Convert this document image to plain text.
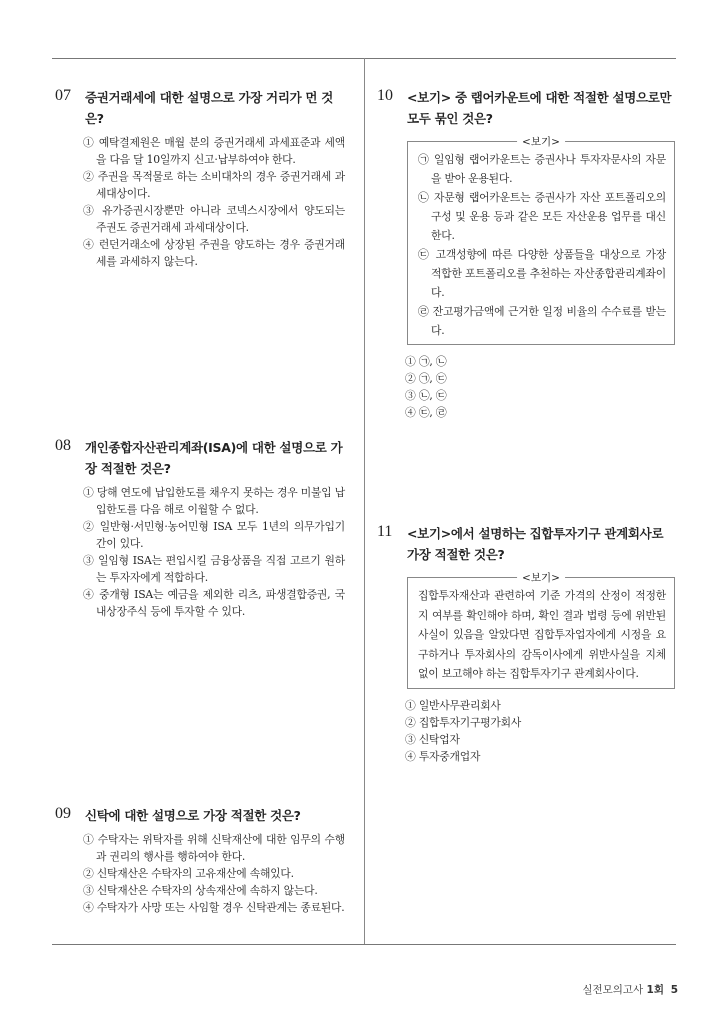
07 증권거래세에 대한 설명으로 가장 거리가 먼 것은?
① 예탁결제원은 매월 분의 증권거래세 과세표준과 세액을 다음 달 10일까지 신고·납부하여야 한다.
② 주권을 목적물로 하는 소비대차의 경우 증권거래세 과세대상이다.
③ 유가증권시장뿐만 아니라 코넥스시장에서 양도되는 주권도 증권거래세 과세대상이다.
④ 런던거래소에 상장된 주권을 양도하는 경우 증권거래세를 과세하지 않는다.
08 개인종합자산관리계좌(ISA)에 대한 설명으로 가장 적절한 것은?
① 당해 연도에 납입한도를 채우지 못하는 경우 미불입 납입한도를 다음 해로 이월할 수 없다.
② 일반형·서민형·농어민형 ISA 모두 1년의 의무가입기간이 있다.
③ 일임형 ISA는 편입시킬 금융상품을 직접 고르기 원하는 투자자에게 적합하다.
④ 중개형 ISA는 예금을 제외한 리츠, 파생결합증권, 국내상장주식 등에 투자할 수 있다.
09 신탁에 대한 설명으로 가장 적절한 것은?
① 수탁자는 위탁자를 위해 신탁재산에 대한 임무의 수행과 권리의 행사를 행하여야 한다.
② 신탁재산은 수탁자의 고유재산에 속해있다.
③ 신탁재산은 수탁자의 상속재산에 속하지 않는다.
④ 수탁자가 사망 또는 사임할 경우 신탁관계는 종료된다.
10 <보기> 중 랩어카운트에 대한 적절한 설명으로만 모두 묶인 것은?
<보기>
㉠ 일임형 랩어카운트는 증권사나 투자자문사의 자문을 받아 운용된다.
㉡ 자문형 랩어카운트는 증권사가 자산 포트폴리오의 구성 및 운용 등과 같은 모든 자산운용 업무를 대신한다.
㉢ 고객성향에 따른 다양한 상품들을 대상으로 가장 적합한 포트폴리오를 추천하는 자산종합관리계좌이다.
㉣ 잔고평가금액에 근거한 일정 비율의 수수료를 받는다.
① ㉠, ㉡
② ㉠, ㉢
③ ㉡, ㉢
④ ㉢, ㉣
11 <보기>에서 설명하는 집합투자기구 관계회사로 가장 적절한 것은?
<보기>
집합투자재산과 관련하여 기준 가격의 산정이 적정한지 여부를 확인해야 하며, 확인 결과 법령 등에 위반된 사실이 있음을 알았다면 집합투자업자에게 시정을 요구하거나 투자회사의 감독이사에게 위반사실을 지체 없이 보고해야 하는 집합투자기구 관계회사이다.
① 일반사무관리회사
② 집합투자기구평가회사
③ 신탁업자
④ 투자중개업자
실전모의고사 1회 5
